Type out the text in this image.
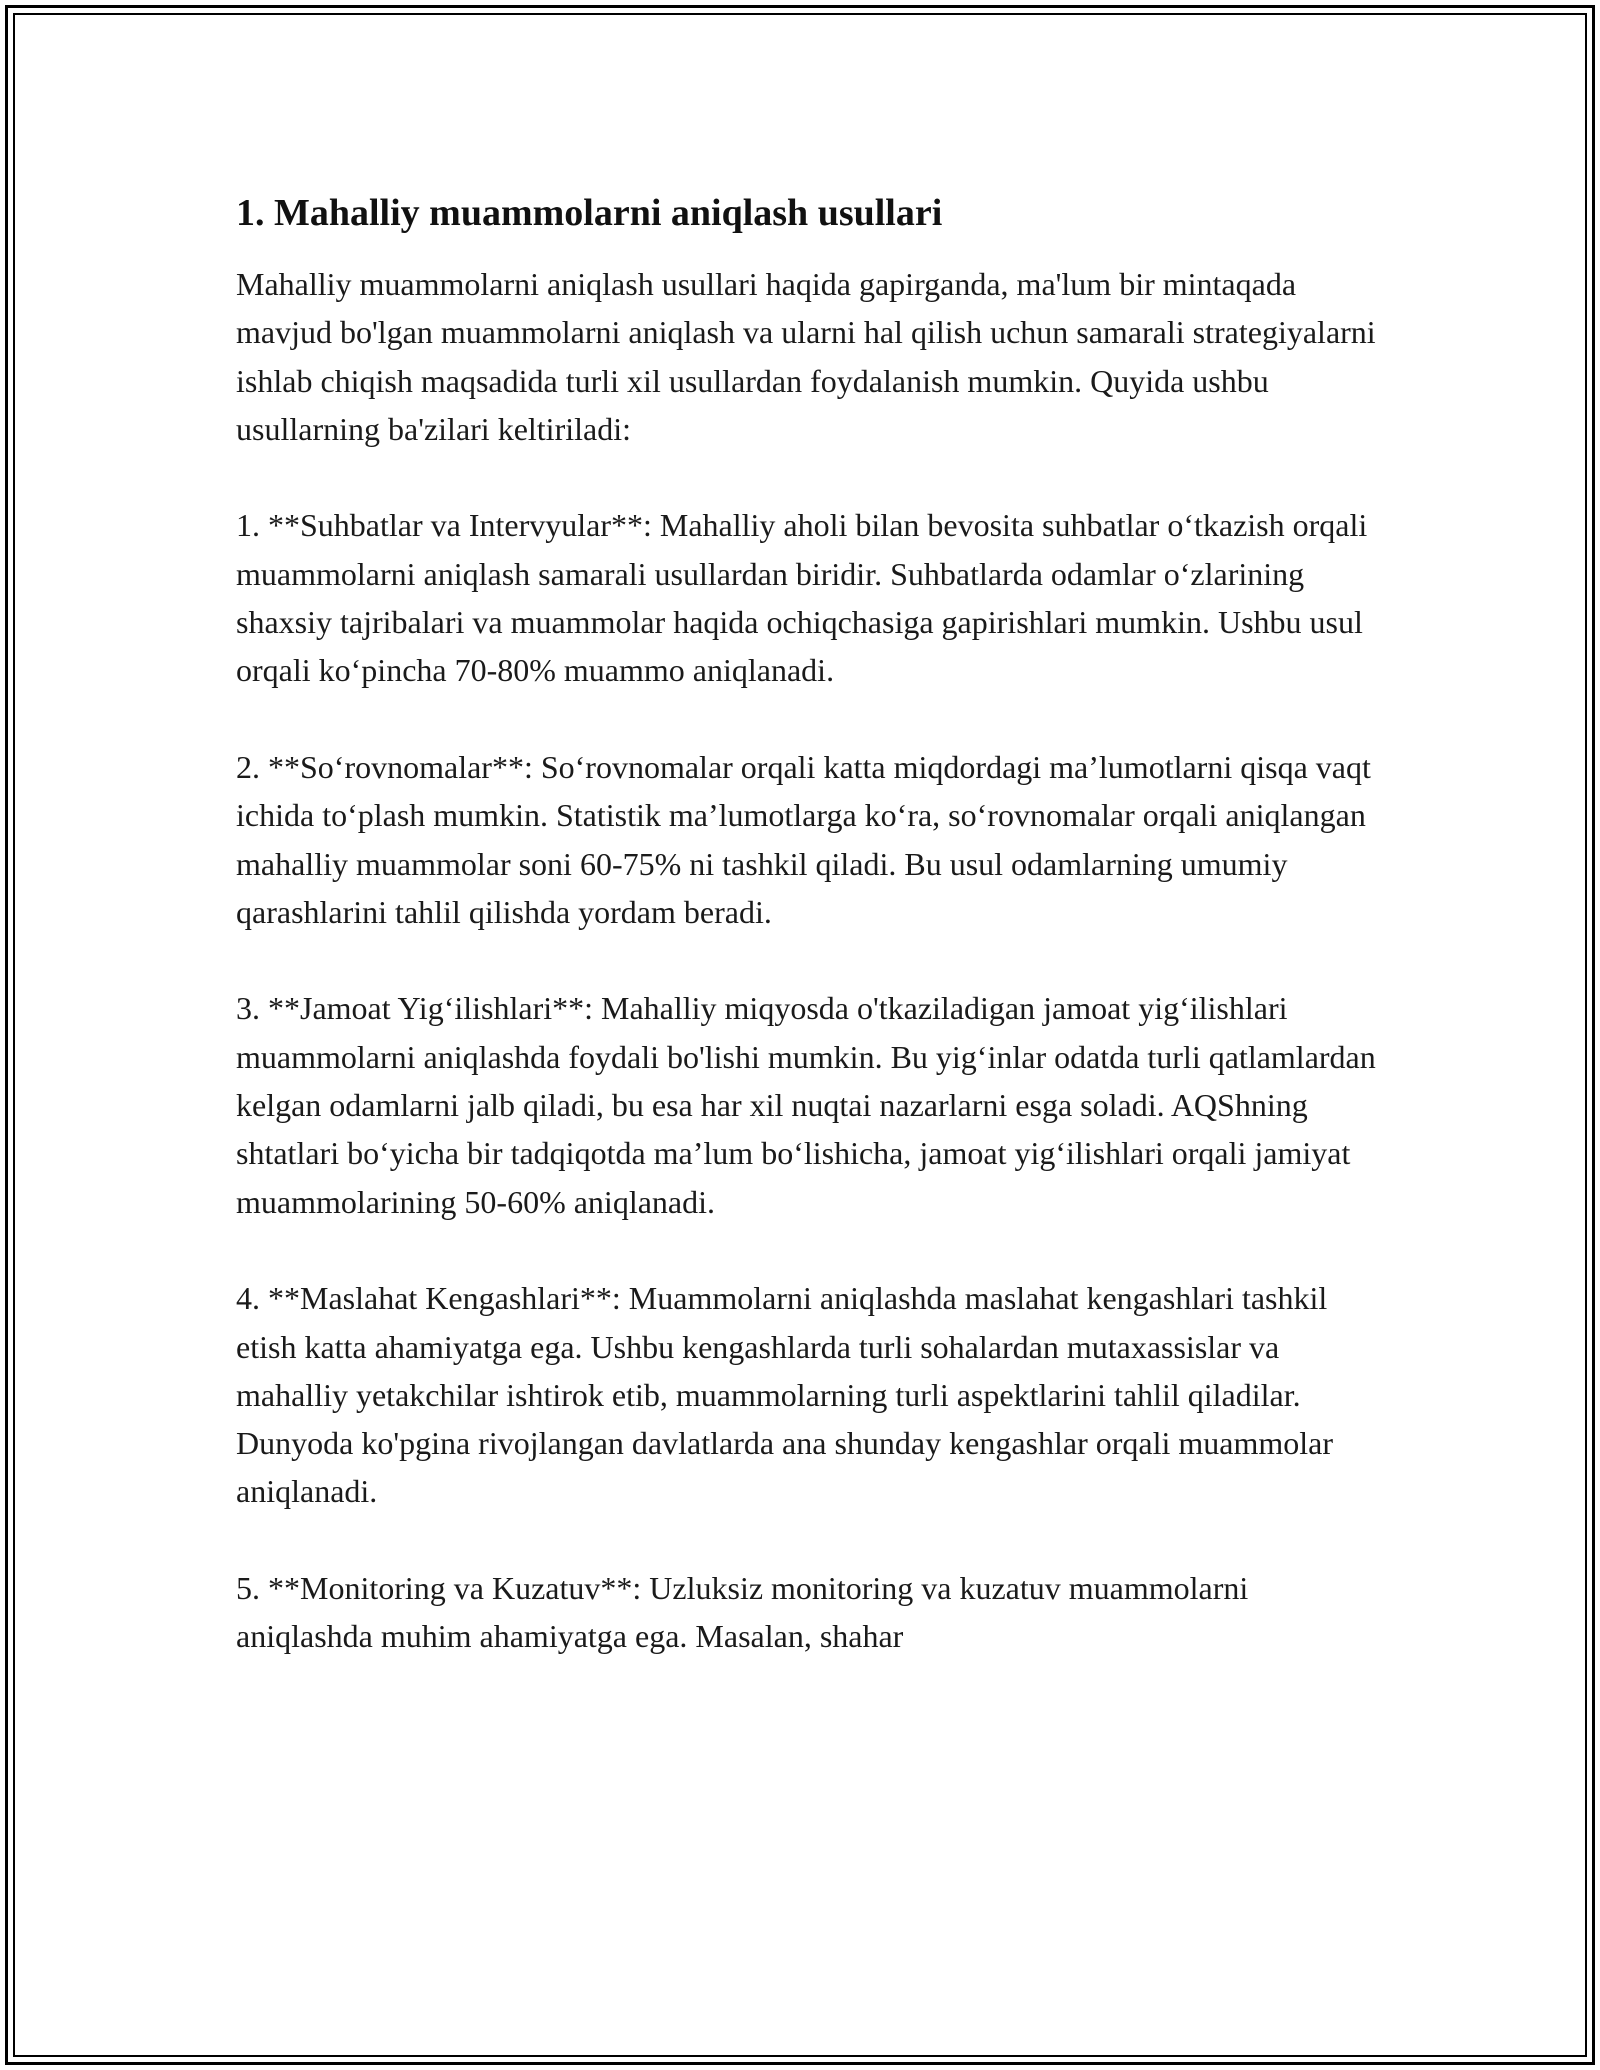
1. Mahalliy muammolarni aniqlash usullari

Mahalliy muammolarni aniqlash usullari haqida gapirganda, ma'lum bir mintaqada mavjud bo'lgan muammolarni aniqlash va ularni hal qilish uchun samarali strategiyalarni ishlab chiqish maqsadida turli xil usullardan foydalanish mumkin. Quyida ushbu usullarning ba'zilari keltiriladi:

1. **Suhbatlar va Intervyular**: Mahalliy aholi bilan bevosita suhbatlar o‘tkazish orqali muammolarni aniqlash samarali usullardan biridir. Suhbatlarda odamlar o‘zlarining shaxsiy tajribalari va muammolar haqida ochiqchasiga gapirishlari mumkin. Ushbu usul orqali ko‘pincha 70-80% muammo aniqlanadi.

2. **So‘rovnomalar**: So‘rovnomalar orqali katta miqdordagi ma’lumotlarni qisqa vaqt ichida to‘plash mumkin. Statistik ma’lumotlarga ko‘ra, so‘rovnomalar orqali aniqlangan mahalliy muammolar soni 60-75% ni tashkil qiladi. Bu usul odamlarning umumiy qarashlarini tahlil qilishda yordam beradi.

3. **Jamoat Yig‘ilishlari**: Mahalliy miqyosda o'tkaziladigan jamoat yig‘ilishlari muammolarni aniqlashda foydali bo'lishi mumkin. Bu yig‘inlar odatda turli qatlamlardan kelgan odamlarni jalb qiladi, bu esa har xil nuqtai nazarlarni esga soladi. AQShning shtatlari bo‘yicha bir tadqiqotda ma’lum bo‘lishicha, jamoat yig‘ilishlari orqali jamiyat muammolarining 50-60% aniqlanadi.

4. **Maslahat Kengashlari**: Muammolarni aniqlashda maslahat kengashlari tashkil etish katta ahamiyatga ega. Ushbu kengashlarda turli sohalardan mutaxassislar va mahalliy yetakchilar ishtirok etib, muammolarning turli aspektlarini tahlil qiladilar. Dunyoda ko'pgina rivojlangan davlatlarda ana shunday kengashlar orqali muammolar aniqlanadi.

5. **Monitoring va Kuzatuv**: Uzluksiz monitoring va kuzatuv muammolarni aniqlashda muhim ahamiyatga ega. Masalan, shahar
